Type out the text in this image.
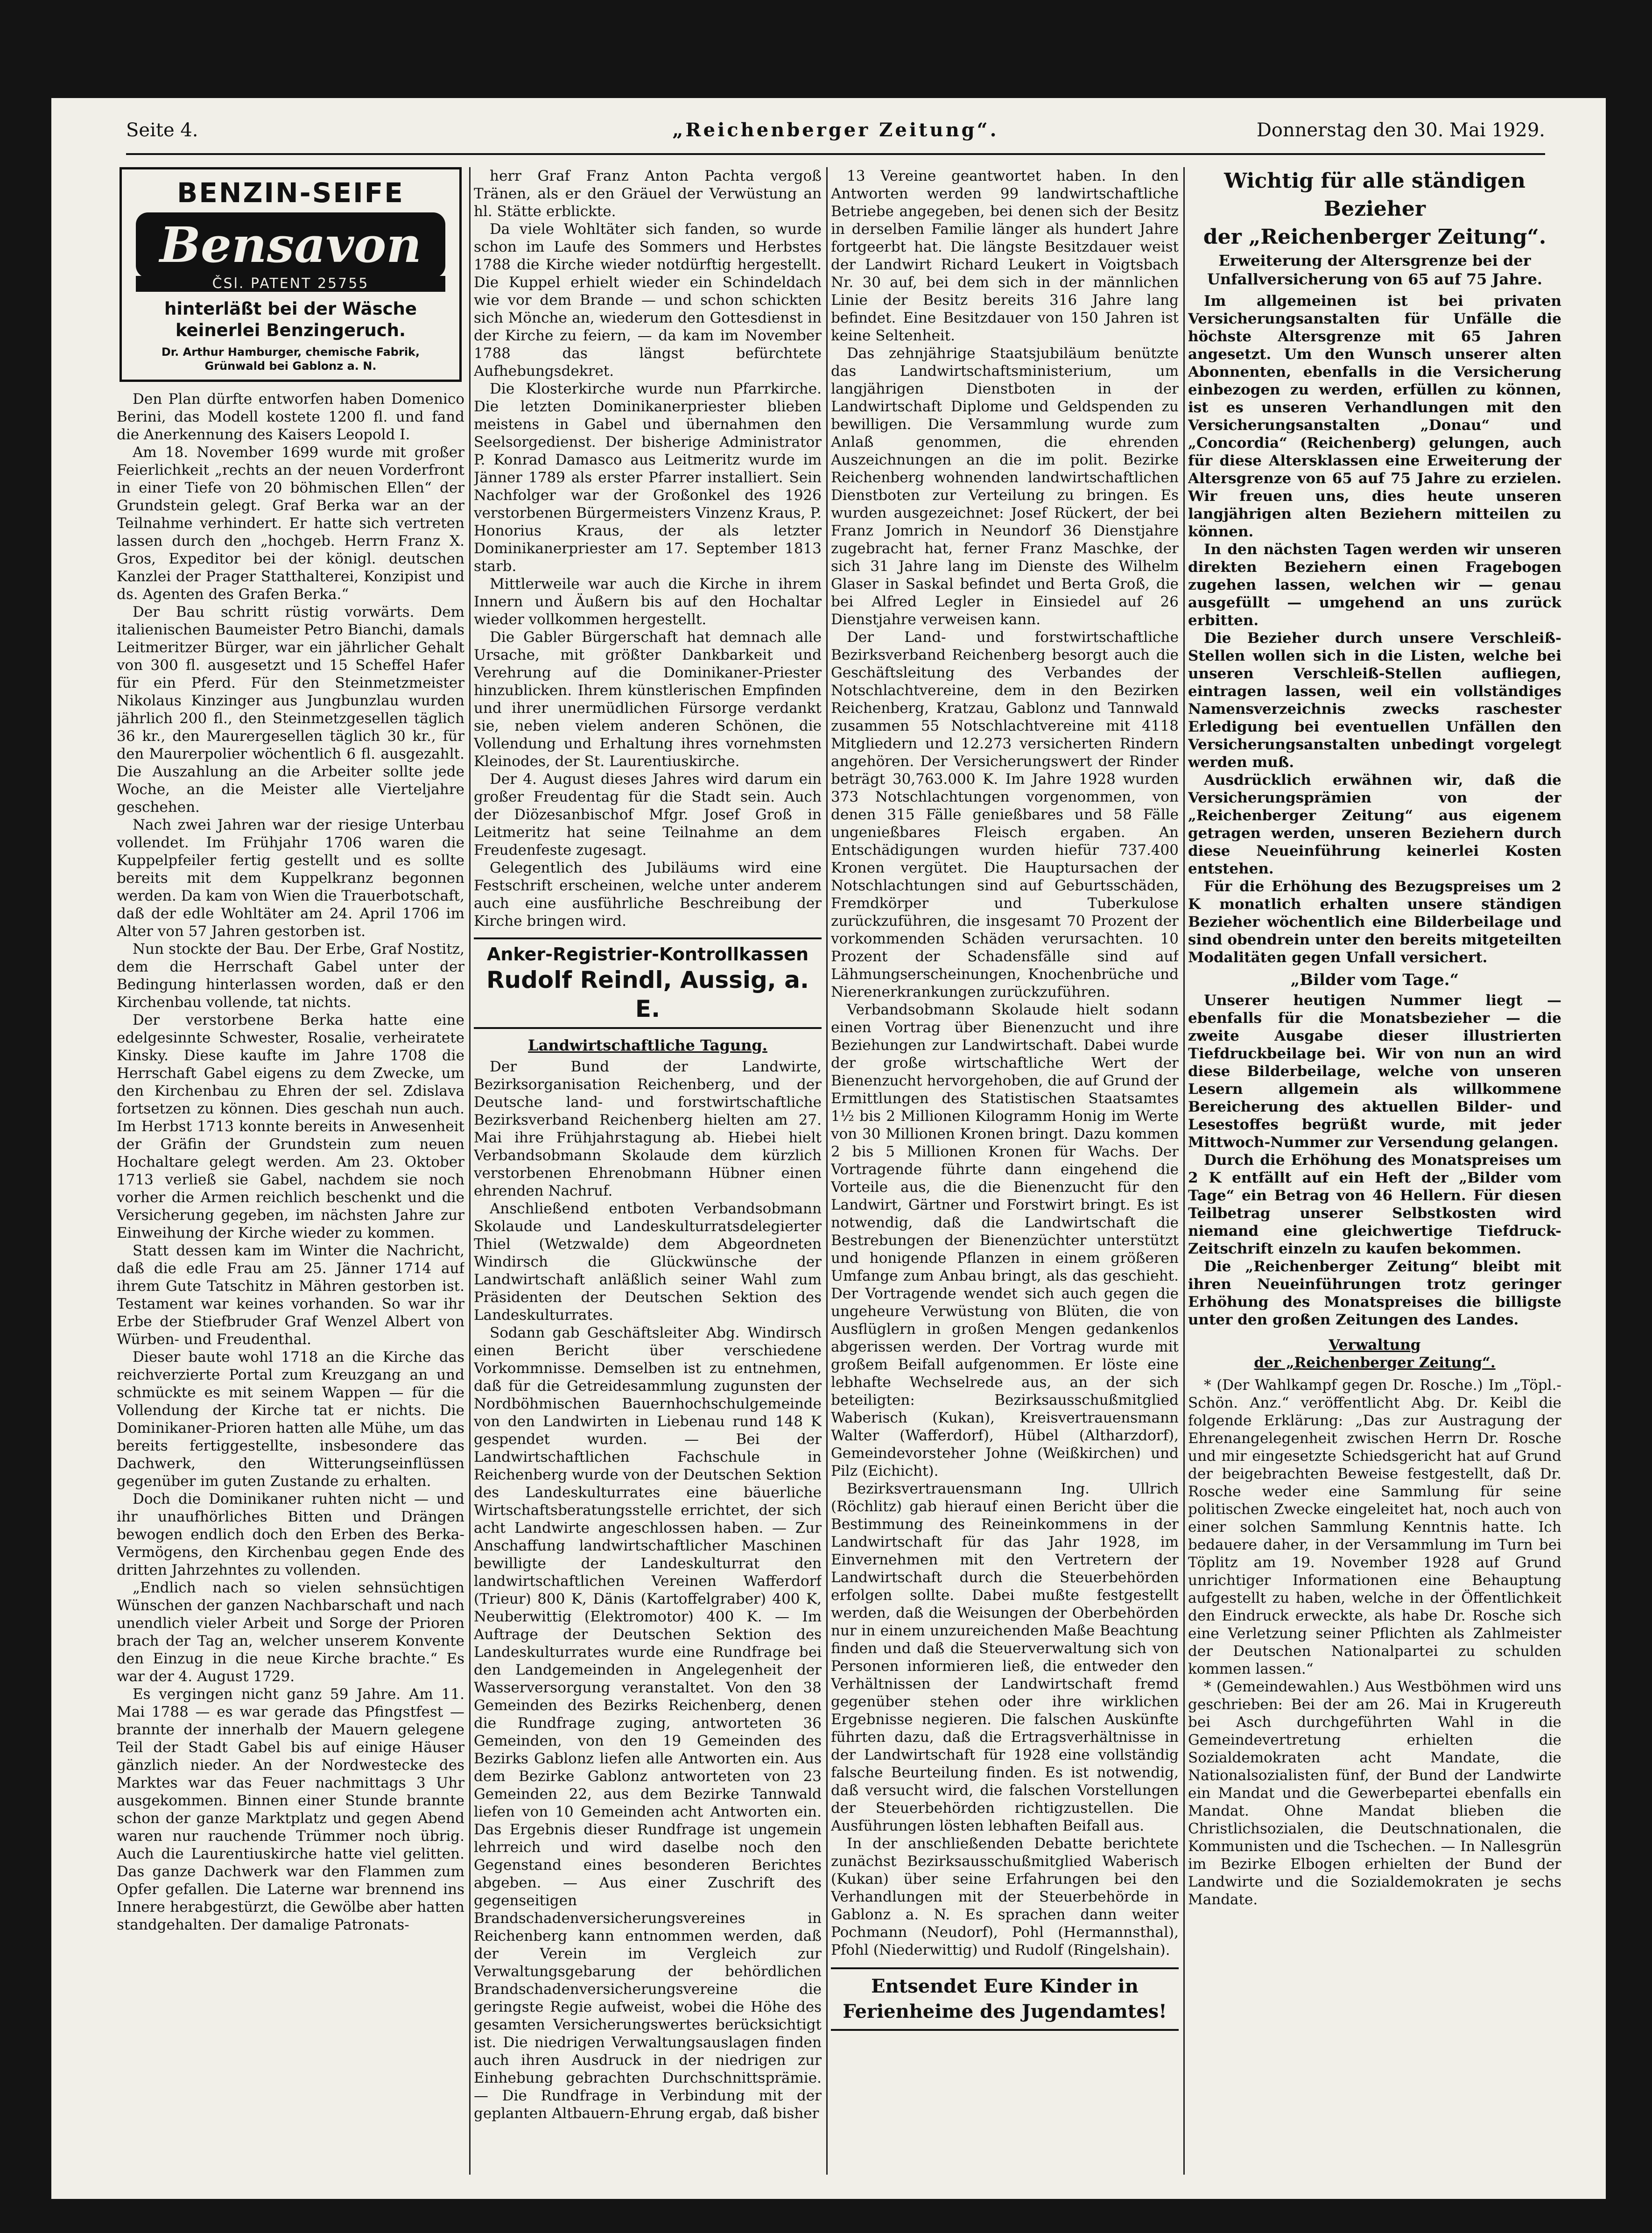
Seite 4.	„Reichenberger Zeitung“.	Donnerstag den 30. Mai 1929.
BENZIN-SEIFE
Bensavon
ČSl. PATENT 25755
hinterläßt bei der Wäsche
keinerlei Benzingeruch.
Dr. Arthur Hamburger, chemische Fabrik,
Grünwald bei Gablonz a. N.

Den Plan dürfte entworfen haben Domenico Berini, das Modell kostete 1200 fl. und fand die Anerkennung des Kaisers Leopold I.

Am 18. November 1699 wurde mit großer Feierlichkeit „rechts an der neuen Vorderfront in einer Tiefe von 20 böhmischen Ellen“ der Grundstein gelegt. Graf Berka war an der Teilnahme verhindert. Er hatte sich vertreten lassen durch den „hochgeb. Herrn Franz X. Gros, Expeditor bei der königl. deutschen Kanzlei der Prager Statthalterei, Konzipist und ds. Agenten des Grafen Berka.“

Der Bau schritt rüstig vorwärts. Dem italienischen Baumeister Petro Bianchi, damals Leitmeritzer Bürger, war ein jährlicher Gehalt von 300 fl. ausgesetzt und 15 Scheffel Hafer für ein Pferd. Für den Steinmetzmeister Nikolaus Kinzinger aus Jungbunzlau wurden jährlich 200 fl., den Steinmetzgesellen täglich 36 kr., den Maurergesellen täglich 30 kr., für den Maurerpolier wöchentlich 6 fl. ausgezahlt. Die Auszahlung an die Arbeiter sollte jede Woche, an die Meister alle Vierteljahre geschehen.

Nach zwei Jahren war der riesige Unterbau vollendet. Im Frühjahr 1706 waren die Kuppelpfeiler fertig gestellt und es sollte bereits mit dem Kuppelkranz begonnen werden. Da kam von Wien die Trauerbotschaft, daß der edle Wohltäter am 24. April 1706 im Alter von 57 Jahren gestorben ist.

Nun stockte der Bau. Der Erbe, Graf Nostitz, dem die Herrschaft Gabel unter der Bedingung hinterlassen worden, daß er den Kirchenbau vollende, tat nichts.

Der verstorbene Berka hatte eine edelgesinnte Schwester, Rosalie, verheiratete Kinsky. Diese kaufte im Jahre 1708 die Herrschaft Gabel eigens zu dem Zwecke, um den Kirchenbau zu Ehren der sel. Zdislava fortsetzen zu können. Dies geschah nun auch. Im Herbst 1713 konnte bereits in Anwesenheit der Gräfin der Grundstein zum neuen Hochaltare gelegt werden. Am 23. Oktober 1713 verließ sie Gabel, nachdem sie noch vorher die Armen reichlich beschenkt und die Versicherung gegeben, im nächsten Jahre zur Einweihung der Kirche wieder zu kommen.

Statt dessen kam im Winter die Nachricht, daß die edle Frau am 25. Jänner 1714 auf ihrem Gute Tatschitz in Mähren gestorben ist. Testament war keines vorhanden. So war ihr Erbe der Stiefbruder Graf Wenzel Albert von Würben- und Freudenthal.

Dieser baute wohl 1718 an die Kirche das reichverzierte Portal zum Kreuzgang an und schmückte es mit seinem Wappen — für die Vollendung der Kirche tat er nichts. Die Dominikaner-Prioren hatten alle Mühe, um das bereits fertiggestellte, insbesondere das Dachwerk, den Witterungseinflüssen gegenüber im guten Zustande zu erhalten.

Doch die Dominikaner ruhten nicht — und ihr unaufhörliches Bitten und Drängen bewogen endlich doch den Erben des Berka-Vermögens, den Kirchenbau gegen Ende des dritten Jahrzehntes zu vollenden.

„Endlich nach so vielen sehnsüchtigen Wünschen der ganzen Nachbarschaft und nach unendlich vieler Arbeit und Sorge der Prioren brach der Tag an, welcher unserem Konvente den Einzug in die neue Kirche brachte.“ Es war der 4. August 1729.

Es vergingen nicht ganz 59 Jahre. Am 11. Mai 1788 — es war gerade das Pfingstfest — brannte der innerhalb der Mauern gelegene Teil der Stadt Gabel bis auf einige Häuser gänzlich nieder. An der Nordwestecke des Marktes war das Feuer nachmittags 3 Uhr ausgekommen. Binnen einer Stunde brannte schon der ganze Marktplatz und gegen Abend waren nur rauchende Trümmer noch übrig. Auch die Laurentiuskirche hatte viel gelitten. Das ganze Dachwerk war den Flammen zum Opfer gefallen. Die Laterne war brennend ins Innere herabgestürzt, die Gewölbe aber hatten standgehalten. Der damalige Patronats-

herr Graf Franz Anton Pachta vergoß Tränen, als er den Gräuel der Verwüstung an hl. Stätte erblickte.

Da viele Wohltäter sich fanden, so wurde schon im Laufe des Sommers und Herbstes 1788 die Kirche wieder notdürftig hergestellt. Die Kuppel erhielt wieder ein Schindeldach wie vor dem Brande — und schon schickten sich Mönche an, wiederum den Gottesdienst in der Kirche zu feiern, — da kam im November 1788 das längst befürchtete Aufhebungsdekret.

Die Klosterkirche wurde nun Pfarrkirche. Die letzten Dominikanerpriester blieben meistens in Gabel und übernahmen den Seelsorgedienst. Der bisherige Administrator P. Konrad Damasco aus Leitmeritz wurde im Jänner 1789 als erster Pfarrer installiert. Sein Nachfolger war der Großonkel des 1926 verstorbenen Bürgermeisters Vinzenz Kraus, P. Honorius Kraus, der als letzter Dominikanerpriester am 17. September 1813 starb.

Mittlerweile war auch die Kirche in ihrem Innern und Äußern bis auf den Hochaltar wieder vollkommen hergestellt.

Die Gabler Bürgerschaft hat demnach alle Ursache, mit größter Dankbarkeit und Verehrung auf die Dominikaner-Priester hinzublicken. Ihrem künstlerischen Empfinden und ihrer unermüdlichen Fürsorge verdankt sie, neben vielem anderen Schönen, die Vollendung und Erhaltung ihres vornehmsten Kleinodes, der St. Laurentiuskirche.

Der 4. August dieses Jahres wird darum ein großer Freudentag für die Stadt sein. Auch der Diözesanbischof Mfgr. Josef Groß in Leitmeritz hat seine Teilnahme an dem Freudenfeste zugesagt.

Gelegentlich des Jubiläums wird eine Festschrift erscheinen, welche unter anderem auch eine ausführliche Beschreibung der Kirche bringen wird.

Anker-Registrier-Kontrollkassen
Rudolf Reindl, Aussig, a. E.
Landwirtschaftliche Tagung.

Der Bund der Landwirte, Bezirksorganisation Reichenberg, und der Deutsche land- und forstwirtschaftliche Bezirksverband Reichenberg hielten am 27. Mai ihre Frühjahrstagung ab. Hiebei hielt Verbandsobmann Skolaude dem kürzlich verstorbenen Ehrenobmann Hübner einen ehrenden Nachruf.

Anschließend entboten Verbandsobmann Skolaude und Landeskulturratsdelegierter Thiel (Wetzwalde) dem Abgeordneten Windirsch die Glückwünsche der Landwirtschaft anläßlich seiner Wahl zum Präsidenten der Deutschen Sektion des Landeskulturrates.

Sodann gab Geschäftsleiter Abg. Windirsch einen Bericht über verschiedene Vorkommnisse. Demselben ist zu entnehmen, daß für die Getreidesammlung zugunsten der Nordböhmischen Bauernhochschulgemeinde von den Landwirten in Liebenau rund 148 K gespendet wurden. — Bei der Landwirtschaftlichen Fachschule in Reichenberg wurde von der Deutschen Sektion des Landeskulturrates eine bäuerliche Wirtschaftsberatungsstelle errichtet, der sich acht Landwirte angeschlossen haben. — Zur Anschaffung landwirtschaftlicher Maschinen bewilligte der Landeskulturrat den landwirtschaftlichen Vereinen Wafferdorf (Trieur) 800 K, Dänis (Kartoffelgraber) 400 K, Neuberwittig (Elektromotor) 400 K. — Im Auftrage der Deutschen Sektion des Landeskulturrates wurde eine Rundfrage bei den Landgemeinden in Angelegenheit der Wasserversorgung veranstaltet. Von den 38 Gemeinden des Bezirks Reichenberg, denen die Rundfrage zuging, antworteten 36 Gemeinden, von den 19 Gemeinden des Bezirks Gablonz liefen alle Antworten ein. Aus dem Bezirke Gablonz antworteten von 23 Gemeinden 22, aus dem Bezirke Tannwald liefen von 10 Gemeinden acht Antworten ein. Das Ergebnis dieser Rundfrage ist ungemein lehrreich und wird daselbe noch den Gegenstand eines besonderen Berichtes abgeben. — Aus einer Zuschrift des gegenseitigen Brandschadenversicherungsvereines in Reichenberg kann entnommen werden, daß der Verein im Vergleich zur Verwaltungsgebarung der behördlichen Brandschadenversicherungsvereine die geringste Regie aufweist, wobei die Höhe des gesamten Versicherungswertes berücksichtigt ist. Die niedrigen Verwaltungsauslagen finden auch ihren Ausdruck in der niedrigen zur Einhebung gebrachten Durchschnittsprämie. — Die Rundfrage in Verbindung mit der geplanten Altbauern-Ehrung ergab, daß bisher

13 Vereine geantwortet haben. In den Antworten werden 99 landwirtschaftliche Betriebe angegeben, bei denen sich der Besitz in derselben Familie länger als hundert Jahre fortgeerbt hat. Die längste Besitzdauer weist der Landwirt Richard Leukert in Voigtsbach Nr. 30 auf, bei dem sich in der männlichen Linie der Besitz bereits 316 Jahre lang befindet. Eine Besitzdauer von 150 Jahren ist keine Seltenheit.

Das zehnjährige Staatsjubiläum benützte das Landwirtschaftsministerium, um langjährigen Dienstboten in der Landwirtschaft Diplome und Geldspenden zu bewilligen. Die Versammlung wurde zum Anlaß genommen, die ehrenden Auszeichnungen an die im polit. Bezirke Reichenberg wohnenden landwirtschaftlichen Dienstboten zur Verteilung zu bringen. Es wurden ausgezeichnet: Josef Rückert, der bei Franz Jomrich in Neundorf 36 Dienstjahre zugebracht hat, ferner Franz Maschke, der sich 31 Jahre lang im Dienste des Wilhelm Glaser in Saskal befindet und Berta Groß, die bei Alfred Legler in Einsiedel auf 26 Dienstjahre verweisen kann.

Der Land- und forstwirtschaftliche Bezirksverband Reichenberg besorgt auch die Geschäftsleitung des Verbandes der Notschlachtvereine, dem in den Bezirken Reichenberg, Kratzau, Gablonz und Tannwald zusammen 55 Notschlachtvereine mit 4118 Mitgliedern und 12.273 versicherten Rindern angehören. Der Versicherungswert der Rinder beträgt 30,763.000 K. Im Jahre 1928 wurden 373 Notschlachtungen vorgenommen, von denen 315 Fälle genießbares und 58 Fälle ungenießbares Fleisch ergaben. An Entschädigungen wurden hiefür 737.400 Kronen vergütet. Die Hauptursachen der Notschlachtungen sind auf Geburtsschäden, Fremdkörper und Tuberkulose zurückzuführen, die insgesamt 70 Prozent der vorkommenden Schäden verursachten. 10 Prozent der Schadensfälle sind auf Lähmungserscheinungen, Knochenbrüche und Nierenerkrankungen zurückzuführen.

Verbandsobmann Skolaude hielt sodann einen Vortrag über Bienenzucht und ihre Beziehungen zur Landwirtschaft. Dabei wurde der große wirtschaftliche Wert der Bienenzucht hervorgehoben, die auf Grund der Ermittlungen des Statistischen Staatsamtes 1½ bis 2 Millionen Kilogramm Honig im Werte von 30 Millionen Kronen bringt. Dazu kommen 2 bis 5 Millionen Kronen für Wachs. Der Vortragende führte dann eingehend die Vorteile aus, die die Bienenzucht für den Landwirt, Gärtner und Forstwirt bringt. Es ist notwendig, daß die Landwirtschaft die Bestrebungen der Bienenzüchter unterstützt und honigende Pflanzen in einem größeren Umfange zum Anbau bringt, als das geschieht. Der Vortragende wendet sich auch gegen die ungeheure Verwüstung von Blüten, die von Ausflüglern in großen Mengen gedankenlos abgerissen werden. Der Vortrag wurde mit großem Beifall aufgenommen. Er löste eine lebhafte Wechselrede aus, an der sich beteiligten: Bezirksausschußmitglied Waberisch (Kukan), Kreisvertrauensmann Walter (Wafferdorf), Hübel (Altharzdorf), Gemeindevorsteher Johne (Weißkirchen) und Pilz (Eichicht).

Bezirksvertrauensmann Ing. Ullrich (Röchlitz) gab hierauf einen Bericht über die Bestimmung des Reineinkommens in der Landwirtschaft für das Jahr 1928, im Einvernehmen mit den Vertretern der Landwirtschaft durch die Steuerbehörden erfolgen sollte. Dabei mußte festgestellt werden, daß die Weisungen der Oberbehörden nur in einem unzureichenden Maße Beachtung finden und daß die Steuerverwaltung sich von Personen informieren ließ, die entweder den Verhältnissen der Landwirtschaft fremd gegenüber stehen oder ihre wirklichen Ergebnisse negieren. Die falschen Auskünfte führten dazu, daß die Ertragsverhältnisse in der Landwirtschaft für 1928 eine vollständig falsche Beurteilung finden. Es ist notwendig, daß versucht wird, die falschen Vorstellungen der Steuerbehörden richtigzustellen. Die Ausführungen lösten lebhaften Beifall aus.

In der anschließenden Debatte berichtete zunächst Bezirksausschußmitglied Waberisch (Kukan) über seine Erfahrungen bei den Verhandlungen mit der Steuerbehörde in Gablonz a. N. Es sprachen dann weiter Pochmann (Neudorf), Pohl (Hermannsthal), Pfohl (Niederwittig) und Rudolf (Ringelshain).

Entsendet Eure Kinder in Ferienheime des Jugendamtes!
Wichtig für alle ständigen Bezieher
der „Reichenberger Zeitung“.
Erweiterung der Altersgrenze bei der Unfallversicherung von 65 auf 75 Jahre.

Im allgemeinen ist bei privaten Versicherungsanstalten für Unfälle die höchste Altersgrenze mit 65 Jahren angesetzt. Um den Wunsch unserer alten Abonnenten, ebenfalls in die Versicherung einbezogen zu werden, erfüllen zu können, ist es unseren Verhandlungen mit den Versicherungsanstalten „Donau“ und „Concordia“ (Reichenberg) gelungen, auch für diese Altersklassen eine Erweiterung der Altersgrenze von 65 auf 75 Jahre zu erzielen. Wir freuen uns, dies heute unseren langjährigen alten Beziehern mitteilen zu können.

In den nächsten Tagen werden wir unseren direkten Beziehern einen Fragebogen zugehen lassen, welchen wir — genau ausgefüllt — umgehend an uns zurück erbitten.

Die Bezieher durch unsere Verschleiß-Stellen wollen sich in die Listen, welche bei unseren Verschleiß-Stellen aufliegen, eintragen lassen, weil ein vollständiges Namensverzeichnis zwecks raschester Erledigung bei eventuellen Unfällen den Versicherungsanstalten unbedingt vorgelegt werden muß.

Ausdrücklich erwähnen wir, daß die Versicherungsprämien von der „Reichenberger Zeitung“ aus eigenem getragen werden, unseren Beziehern durch diese Neueinführung keinerlei Kosten entstehen.

Für die Erhöhung des Bezugspreises um 2 K monatlich erhalten unsere ständigen Bezieher wöchentlich eine Bilderbeilage und sind obendrein unter den bereits mitgeteilten Modalitäten gegen Unfall versichert.

„Bilder vom Tage.“

Unserer heutigen Nummer liegt — ebenfalls für die Monatsbezieher — die zweite Ausgabe dieser illustrierten Tiefdruckbeilage bei. Wir von nun an wird diese Bilderbeilage, welche von unseren Lesern allgemein als willkommene Bereicherung des aktuellen Bilder- und Lesestoffes begrüßt wurde, mit jeder Mittwoch-Nummer zur Versendung gelangen.

Durch die Erhöhung des Monatspreises um 2 K entfällt auf ein Heft der „Bilder vom Tage“ ein Betrag von 46 Hellern. Für diesen Teilbetrag unserer Selbstkosten wird niemand eine gleichwertige Tiefdruck-Zeitschrift einzeln zu kaufen bekommen.

Die „Reichenberger Zeitung“ bleibt mit ihren Neueinführungen trotz geringer Erhöhung des Monatspreises die billigste unter den großen Zeitungen des Landes.

Verwaltung
der „Reichenberger Zeitung“.

* (Der Wahlkampf gegen Dr. Rosche.) Im „Töpl.-Schön. Anz.“ veröffentlicht Abg. Dr. Keibl die folgende Erklärung: „Das zur Austragung der Ehrenangelegenheit zwischen Herrn Dr. Rosche und mir eingesetzte Schiedsgericht hat auf Grund der beigebrachten Beweise festgestellt, daß Dr. Rosche weder eine Sammlung für seine politischen Zwecke eingeleitet hat, noch auch von einer solchen Sammlung Kenntnis hatte. Ich bedauere daher, in der Versammlung im Turn bei Töplitz am 19. November 1928 auf Grund unrichtiger Informationen eine Behauptung aufgestellt zu haben, welche in der Öffentlichkeit den Eindruck erweckte, als habe Dr. Rosche sich eine Verletzung seiner Pflichten als Zahlmeister der Deutschen Nationalpartei zu schulden kommen lassen.“

* (Gemeindewahlen.) Aus Westböhmen wird uns geschrieben: Bei der am 26. Mai in Krugereuth bei Asch durchgeführten Wahl in die Gemeindevertretung erhielten die Sozialdemokraten acht Mandate, die Nationalsozialisten fünf, der Bund der Landwirte ein Mandat und die Gewerbepartei ebenfalls ein Mandat. Ohne Mandat blieben die Christlichsozialen, die Deutschnationalen, die Kommunisten und die Tschechen. — In Nallesgrün im Bezirke Elbogen erhielten der Bund der Landwirte und die Sozialdemokraten je sechs Mandate.
